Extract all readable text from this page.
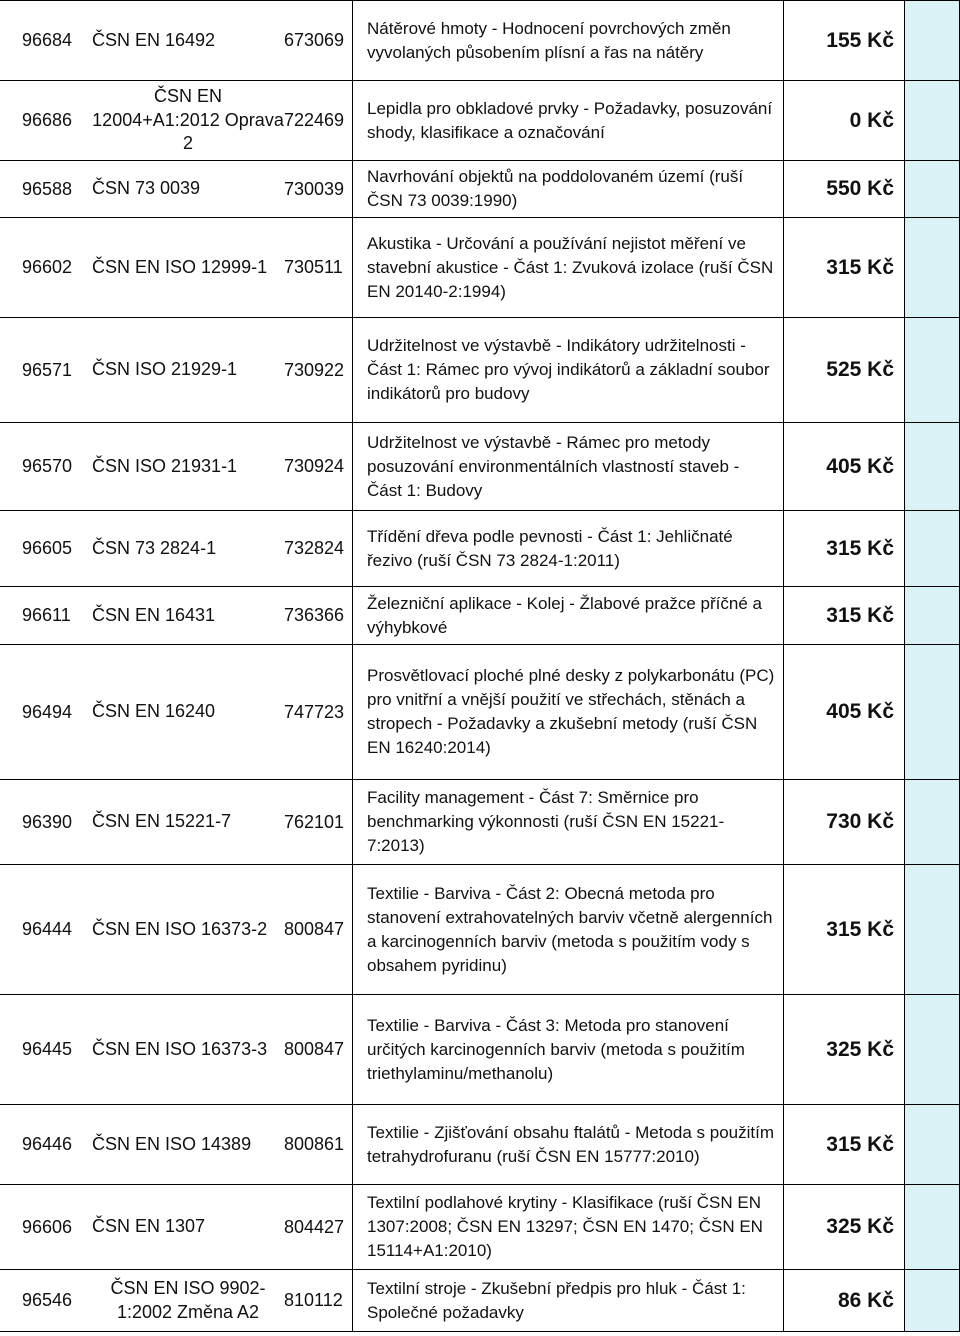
96684	ČSN EN 16492	673069	Nátěrové hmoty - Hodnocení povrchových změn vyvolaných působením plísní a řas na nátěry	155 Kč	
96686	ČSN EN 12004+A1:2012 Oprava 2	722469	Lepidla pro obkladové prvky - Požadavky, posuzování shody, klasifikace a označování	0 Kč	
96588	ČSN 73 0039	730039	Navrhování objektů na poddolovaném území (ruší ČSN 73 0039:1990)	550 Kč	
96602	ČSN EN ISO 12999-1	730511	Akustika - Určování a používání nejistot měření ve stavební akustice - Část 1: Zvuková izolace (ruší ČSN EN 20140-2:1994)	315 Kč	
96571	ČSN ISO 21929-1	730922	Udržitelnost ve výstavbě - Indikátory udržitelnosti - Část 1: Rámec pro vývoj indikátorů a základní soubor indikátorů pro budovy	525 Kč	
96570	ČSN ISO 21931-1	730924	Udržitelnost ve výstavbě - Rámec pro metody posuzování environmentálních vlastností staveb - Část 1: Budovy	405 Kč	
96605	ČSN 73 2824-1	732824	Třídění dřeva podle pevnosti - Část 1: Jehličnaté řezivo (ruší ČSN 73 2824-1:2011)	315 Kč	
96611	ČSN EN 16431	736366	Železniční aplikace - Kolej - Žlabové pražce příčné a výhybkové	315 Kč	
96494	ČSN EN 16240	747723	Prosvětlovací ploché plné desky z polykarbonátu (PC) pro vnitřní a vnější použití ve střechách, stěnách a stropech - Požadavky a zkušební metody (ruší ČSN EN 16240:2014)	405 Kč	
96390	ČSN EN 15221-7	762101	Facility management - Část 7: Směrnice pro benchmarking výkonnosti (ruší ČSN EN 15221-7:2013)	730 Kč	
96444	ČSN EN ISO 16373-2	800847	Textilie - Barviva - Část 2: Obecná metoda pro stanovení extrahovatelných barviv včetně alergenních a karcinogenních barviv (metoda s použitím vody s obsahem pyridinu)	315 Kč	
96445	ČSN EN ISO 16373-3	800847	Textilie - Barviva - Část 3: Metoda pro stanovení určitých karcinogenních barviv (metoda s použitím triethylaminu/methanolu)	325 Kč	
96446	ČSN EN ISO 14389	800861	Textilie - Zjišťování obsahu ftalátů - Metoda s použitím tetrahydrofuranu (ruší ČSN EN 15777:2010)	315 Kč	
96606	ČSN EN 1307	804427	Textilní podlahové krytiny - Klasifikace (ruší ČSN EN 1307:2008; ČSN EN 13297; ČSN EN 1470; ČSN EN 15114+A1:2010)	325 Kč	
96546	ČSN EN ISO 9902-1:2002 Změna A2	810112	Textilní stroje - Zkušební předpis pro hluk - Část 1: Společné požadavky	86 Kč	
